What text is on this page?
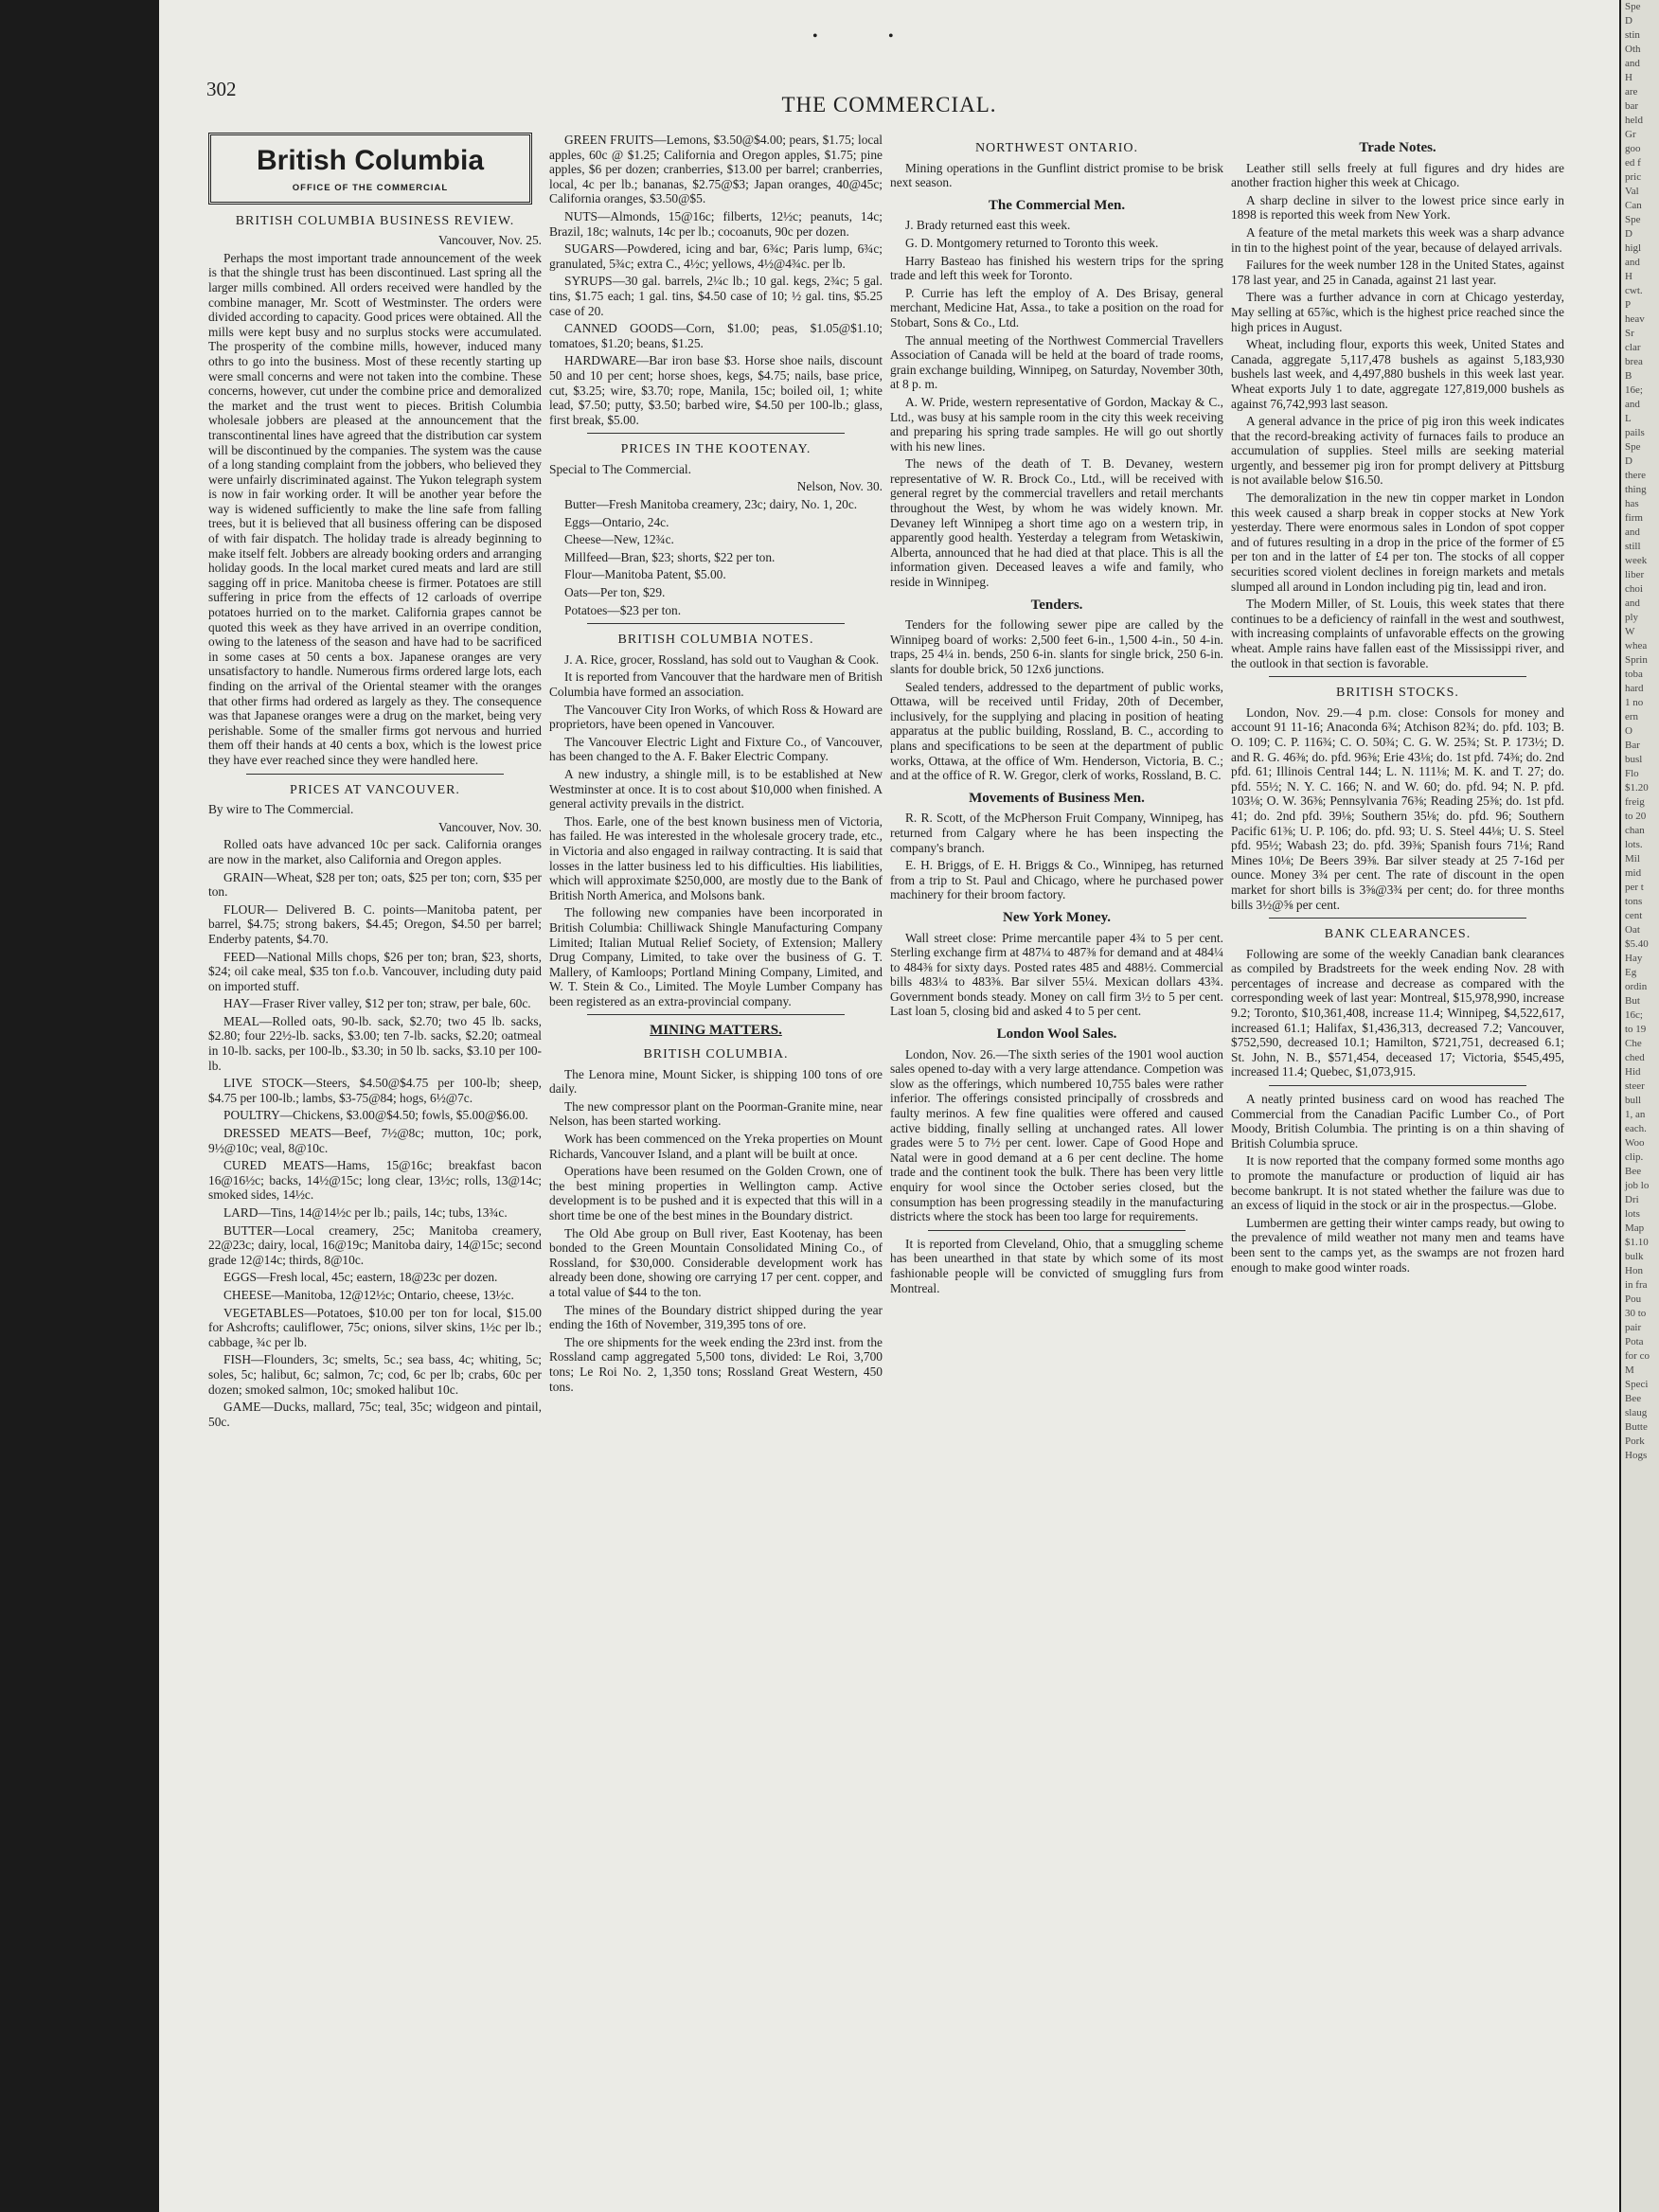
•	•
302
THE COMMERCIAL.
British Columbia
OFFICE OF THE COMMERCIAL
BRITISH COLUMBIA BUSINESS REVIEW.

Vancouver, Nov. 25.

Perhaps the most important trade announcement of the week is that the shingle trust has been discontinued. Last spring all the larger mills combined. All orders received were handled by the combine manager, Mr. Scott of Westminster. The orders were divided according to capacity. Good prices were obtained. All the mills were kept busy and no surplus stocks were accumulated. The prosperity of the combine mills, however, induced many othrs to go into the business. Most of these recently starting up were small concerns and were not taken into the combine. These concerns, however, cut under the combine price and demoralized the market and the trust went to pieces. British Columbia wholesale jobbers are pleased at the announcement that the transcontinental lines have agreed that the distribution car system will be discontinued by the companies. The system was the cause of a long standing complaint from the jobbers, who believed they were unfairly discriminated against. The Yukon telegraph system is now in fair working order. It will be another year before the way is widened sufficiently to make the line safe from falling trees, but it is believed that all business offering can be disposed of with fair dispatch. The holiday trade is already beginning to make itself felt. Jobbers are already booking orders and arranging holiday goods. In the local market cured meats and lard are still sagging off in price. Manitoba cheese is firmer. Potatoes are still suffering in price from the effects of 12 carloads of overripe potatoes hurried on to the market. California grapes cannot be quoted this week as they have arrived in an overripe condition, owing to the lateness of the season and have had to be sacrificed in some cases at 50 cents a box. Japanese oranges are very unsatisfactory to handle. Numerous firms ordered large lots, each finding on the arrival of the Oriental steamer with the oranges that other firms had ordered as largely as they. The consequence was that Japanese oranges were a drug on the market, being very perishable. Some of the smaller firms got nervous and hurried them off their hands at 40 cents a box, which is the lowest price they have ever reached since they were handled here.

PRICES AT VANCOUVER.

By wire to The Commercial.

Vancouver, Nov. 30.

Rolled oats have advanced 10c per sack. California oranges are now in the market, also California and Oregon apples.

GRAIN—Wheat, $28 per ton; oats, $25 per ton; corn, $35 per ton.

FLOUR— Delivered B. C. points—Manitoba patent, per barrel, $4.75; strong bakers, $4.45; Oregon, $4.50 per barrel; Enderby patents, $4.70.

FEED—National Mills chops, $26 per ton; bran, $23, shorts, $24; oil cake meal, $35 ton f.o.b. Vancouver, including duty paid on imported stuff.

HAY—Fraser River valley, $12 per ton; straw, per bale, 60c.

MEAL—Rolled oats, 90-lb. sack, $2.70; two 45 lb. sacks, $2.80; four 22½-lb. sacks, $3.00; ten 7-lb. sacks, $2.20; oatmeal in 10-lb. sacks, per 100-lb., $3.30; in 50 lb. sacks, $3.10 per 100-lb.

LIVE STOCK—Steers, $4.50@$4.75 per 100-lb; sheep, $4.75 per 100-lb.; lambs, $3-75@84; hogs, 6½@7c.

POULTRY—Chickens, $3.00@$4.50; fowls, $5.00@$6.00.

DRESSED MEATS—Beef, 7½@8c; mutton, 10c; pork, 9½@10c; veal, 8@10c.

CURED MEATS—Hams, 15@16c; breakfast bacon 16@16½c; backs, 14½@15c; long clear, 13½c; rolls, 13@14c; smoked sides, 14½c.

LARD—Tins, 14@14½c per lb.; pails, 14c; tubs, 13¾c.

BUTTER—Local creamery, 25c; Manitoba creamery, 22@23c; dairy, local, 16@19c; Manitoba dairy, 14@15c; second grade 12@14c; thirds, 8@10c.

EGGS—Fresh local, 45c; eastern, 18@23c per dozen.

CHEESE—Manitoba, 12@12½c; Ontario, cheese, 13½c.

VEGETABLES—Potatoes, $10.00 per ton for local, $15.00 for Ashcrofts; cauliflower, 75c; onions, silver skins, 1½c per lb.; cabbage, ¾c per lb.

FISH—Flounders, 3c; smelts, 5c.; sea bass, 4c; whiting, 5c; soles, 5c; halibut, 6c; salmon, 7c; cod, 6c per lb; crabs, 60c per dozen; smoked salmon, 10c; smoked halibut 10c.

GAME—Ducks, mallard, 75c; teal, 35c; widgeon and pintail, 50c.

GREEN FRUITS—Lemons, $3.50@$4.00; pears, $1.75; local apples, 60c @ $1.25; California and Oregon apples, $1.75; pine apples, $6 per dozen; cranberries, $13.00 per barrel; cranberries, local, 4c per lb.; bananas, $2.75@$3; Japan oranges, 40@45c; California oranges, $3.50@$5.

NUTS—Almonds, 15@16c; filberts, 12½c; peanuts, 14c; Brazil, 18c; walnuts, 14c per lb.; cocoanuts, 90c per dozen.

SUGARS—Powdered, icing and bar, 6¾c; Paris lump, 6¾c; granulated, 5¾c; extra C., 4½c; yellows, 4½@4¾c. per lb.

SYRUPS—30 gal. barrels, 2¼c lb.; 10 gal. kegs, 2¾c; 5 gal. tins, $1.75 each; 1 gal. tins, $4.50 case of 10; ½ gal. tins, $5.25 case of 20.

CANNED GOODS—Corn, $1.00; peas, $1.05@$1.10; tomatoes, $1.20; beans, $1.25.

HARDWARE—Bar iron base $3. Horse shoe nails, discount 50 and 10 per cent; horse shoes, kegs, $4.75; nails, base price, cut, $3.25; wire, $3.70; rope, Manila, 15c; boiled oil, 1; white lead, $7.50; putty, $3.50; barbed wire, $4.50 per 100-lb.; glass, first break, $5.00.

PRICES IN THE KOOTENAY.

Special to The Commercial.

Nelson, Nov. 30.

Butter—Fresh Manitoba creamery, 23c; dairy, No. 1, 20c.

Eggs—Ontario, 24c.

Cheese—New, 12¾c.

Millfeed—Bran, $23; shorts, $22 per ton.

Flour—Manitoba Patent, $5.00.

Oats—Per ton, $29.

Potatoes—$23 per ton.

BRITISH COLUMBIA NOTES.

J. A. Rice, grocer, Rossland, has sold out to Vaughan & Cook.

It is reported from Vancouver that the hardware men of British Columbia have formed an association.

The Vancouver City Iron Works, of which Ross & Howard are proprietors, have been opened in Vancouver.

The Vancouver Electric Light and Fixture Co., of Vancouver, has been changed to the A. F. Baker Electric Company.

A new industry, a shingle mill, is to be established at New Westminster at once. It is to cost about $10,000 when finished. A general activity prevails in the district.

Thos. Earle, one of the best known business men of Victoria, has failed. He was interested in the wholesale grocery trade, etc., in Victoria and also engaged in railway contracting. It is said that losses in the latter business led to his difficulties. His liabilities, which will approximate $250,000, are mostly due to the Bank of British North America, and Molsons bank.

The following new companies have been incorporated in British Columbia: Chilliwack Shingle Manufacturing Company Limited; Italian Mutual Relief Society, of Extension; Mallery Drug Company, Limited, to take over the business of G. T. Mallery, of Kamloops; Portland Mining Company, Limited, and W. T. Stein & Co., Limited. The Moyle Lumber Company has been registered as an extra-provincial company.

MINING MATTERS.
BRITISH COLUMBIA.

The Lenora mine, Mount Sicker, is shipping 100 tons of ore daily.

The new compressor plant on the Poorman-Granite mine, near Nelson, has been started working.

Work has been commenced on the Yreka properties on Mount Richards, Vancouver Island, and a plant will be built at once.

Operations have been resumed on the Golden Crown, one of the best mining properties in Wellington camp. Active development is to be pushed and it is expected that this will in a short time be one of the best mines in the Boundary district.

The Old Abe group on Bull river, East Kootenay, has been bonded to the Green Mountain Consolidated Mining Co., of Rossland, for $30,000. Considerable development work has already been done, showing ore carrying 17 per cent. copper, and a total value of $44 to the ton.

The mines of the Boundary district shipped during the year ending the 16th of November, 319,395 tons of ore.

The ore shipments for the week ending the 23rd inst. from the Rossland camp aggregated 5,500 tons, divided: Le Roi, 3,700 tons; Le Roi No. 2, 1,350 tons; Rossland Great Western, 450 tons.

NORTHWEST ONTARIO.

Mining operations in the Gunflint district promise to be brisk next season.

The Commercial Men.

J. Brady returned east this week.

G. D. Montgomery returned to Toronto this week.

Harry Basteao has finished his western trips for the spring trade and left this week for Toronto.

P. Currie has left the employ of A. Des Brisay, general merchant, Medicine Hat, Assa., to take a position on the road for Stobart, Sons & Co., Ltd.

The annual meeting of the Northwest Commercial Travellers Association of Canada will be held at the board of trade rooms, grain exchange building, Winnipeg, on Saturday, November 30th, at 8 p. m.

A. W. Pride, western representative of Gordon, Mackay & C., Ltd., was busy at his sample room in the city this week receiving and preparing his spring trade samples. He will go out shortly with his new lines.

The news of the death of T. B. Devaney, western representative of W. R. Brock Co., Ltd., will be received with general regret by the commercial travellers and retail merchants throughout the West, by whom he was widely known. Mr. Devaney left Winnipeg a short time ago on a western trip, in apparently good health. Yesterday a telegram from Wetaskiwin, Alberta, announced that he had died at that place. This is all the information given. Deceased leaves a wife and family, who reside in Winnipeg.

Tenders.

Tenders for the following sewer pipe are called by the Winnipeg board of works: 2,500 feet 6-in., 1,500 4-in., 50 4-in. traps, 25 4¼ in. bends, 250 6-in. slants for single brick, 250 6-in. slants for double brick, 50 12x6 junctions.

Sealed tenders, addressed to the department of public works, Ottawa, will be received until Friday, 20th of December, inclusively, for the supplying and placing in position of heating apparatus at the public building, Rossland, B. C., according to plans and specifications to be seen at the department of public works, Ottawa, at the office of Wm. Henderson, Victoria, B. C.; and at the office of R. W. Gregor, clerk of works, Rossland, B. C.

Movements of Business Men.

R. R. Scott, of the McPherson Fruit Company, Winnipeg, has returned from Calgary where he has been inspecting the company's branch.

E. H. Briggs, of E. H. Briggs & Co., Winnipeg, has returned from a trip to St. Paul and Chicago, where he purchased power machinery for their broom factory.

New York Money.

Wall street close: Prime mercantile paper 4¾ to 5 per cent. Sterling exchange firm at 487¼ to 487⅜ for demand and at 484¼ to 484⅜ for sixty days. Posted rates 485 and 488½. Commercial bills 483¼ to 483⅜. Bar silver 55¼. Mexican dollars 43¾. Government bonds steady. Money on call firm 3½ to 5 per cent. Last loan 5, closing bid and asked 4 to 5 per cent.

London Wool Sales.

London, Nov. 26.—The sixth series of the 1901 wool auction sales opened to-day with a very large attendance. Competion was slow as the offerings, which numbered 10,755 bales were rather inferior. The offerings consisted principally of crossbreds and faulty merinos. A few fine qualities were offered and caused active bidding, finally selling at unchanged rates. All lower grades were 5 to 7½ per cent. lower. Cape of Good Hope and Natal were in good demand at a 6 per cent decline. The home trade and the continent took the bulk. There has been very little enquiry for wool since the October series closed, but the consumption has been progressing steadily in the manufacturing districts where the stock has been too large for requirements.

It is reported from Cleveland, Ohio, that a smuggling scheme has been unearthed in that state by which some of its most fashionable people will be convicted of smuggling furs from Montreal.

Trade Notes.

Leather still sells freely at full figures and dry hides are another fraction higher this week at Chicago.

A sharp decline in silver to the lowest price since early in 1898 is reported this week from New York.

A feature of the metal markets this week was a sharp advance in tin to the highest point of the year, because of delayed arrivals.

Failures for the week number 128 in the United States, against 178 last year, and 25 in Canada, against 21 last year.

There was a further advance in corn at Chicago yesterday, May selling at 65⅞c, which is the highest price reached since the high prices in August.

Wheat, including flour, exports this week, United States and Canada, aggregate 5,117,478 bushels as against 5,183,930 bushels last week, and 4,497,880 bushels in this week last year. Wheat exports July 1 to date, aggregate 127,819,000 bushels as against 76,742,993 last season.

A general advance in the price of pig iron this week indicates that the record-breaking activity of furnaces fails to produce an accumulation of supplies. Steel mills are seeking material urgently, and bessemer pig iron for prompt delivery at Pittsburg is not available below $16.50.

The demoralization in the new tin copper market in London this week caused a sharp break in copper stocks at New York yesterday. There were enormous sales in London of spot copper and of futures resulting in a drop in the price of the former of £5 per ton and in the latter of £4 per ton. The stocks of all copper securities scored violent declines in foreign markets and metals slumped all around in London including pig tin, lead and iron.

The Modern Miller, of St. Louis, this week states that there continues to be a deficiency of rainfall in the west and southwest, with increasing complaints of unfavorable effects on the growing wheat. Ample rains have fallen east of the Mississippi river, and the outlook in that section is favorable.

BRITISH STOCKS.

London, Nov. 29.—4 p.m. close: Consols for money and account 91 11-16; Anaconda 6¾; Atchison 82¾; do. pfd. 103; B. O. 109; C. P. 116¾; C. O. 50¾; C. G. W. 25¾; St. P. 173½; D. and R. G. 46⅜; do. pfd. 96⅜; Erie 43⅛; do. 1st pfd. 74⅜; do. 2nd pfd. 61; Illinois Central 144; L. N. 111⅛; M. K. and T. 27; do. pfd. 55½; N. Y. C. 166; N. and W. 60; do. pfd. 94; N. P. pfd. 103⅛; O. W. 36⅜; Pennsylvania 76⅜; Reading 25⅜; do. 1st pfd. 41; do. 2nd pfd. 39⅛; Southern 35⅛; do. pfd. 96; Southern Pacific 61⅜; U. P. 106; do. pfd. 93; U. S. Steel 44⅛; U. S. Steel pfd. 95½; Wabash 23; do. pfd. 39⅜; Spanish fours 71⅛; Rand Mines 10⅛; De Beers 39⅜. Bar silver steady at 25 7-16d per ounce. Money 3¾ per cent. The rate of discount in the open market for short bills is 3⅝@3¾ per cent; do. for three months bills 3½@⅝ per cent.

BANK CLEARANCES.

Following are some of the weekly Canadian bank clearances as compiled by Bradstreets for the week ending Nov. 28 with percentages of increase and decrease as compared with the corresponding week of last year: Montreal, $15,978,990, increase 9.2; Toronto, $10,361,408, increase 11.4; Winnipeg, $4,522,617, increased 61.1; Halifax, $1,436,313, decreased 7.2; Vancouver, $752,590, decreased 10.1; Hamilton, $721,751, decreased 6.1; St. John, N. B., $571,454, deceased 17; Victoria, $545,495, increased 11.4; Quebec, $1,073,915.

A neatly printed business card on wood has reached The Commercial from the Canadian Pacific Lumber Co., of Port Moody, British Columbia. The printing is on a thin shaving of British Columbia spruce.

It is now reported that the company formed some months ago to promote the manufacture or production of liquid air has become bankrupt. It is not stated whether the failure was due to an excess of liquid in the stock or air in the prospectus.—Globe.

Lumbermen are getting their winter camps ready, but owing to the prevalence of mild weather not many men and teams have been sent to the camps yet, as the swamps are not frozen hard enough to make good winter roads.

Spe
D
stin
Oth
and
H
are
bar
held
Gr
goo
ed f
pric
Val
Can
Spe
D
higl
and
H
cwt.
P
heav
Sr
clar
brea
B
16e;
and
L
pails
Spe
D
there
thing
has
firm
and
still
week
liber
choi
and
ply
W
whea
Sprin
toba
hard
1 no
ern
O
Bar
busl
Flo
$1.20
freig
to 20
chan
lots.
Mil
mid
per t
tons
cent
Oat
$5.40
Hay
Eg
ordin
But
16c;
to 19
Che
ched
Hid
steer
bull
1, an
each.
Woo
clip.
Bee
job lo
Dri
lots
Map
$1.10
bulk
Hon
in fra
Pou
30 to
pair
Pota
for co
M
Speci
Bee
slaug
Butte
Pork
Hogs
